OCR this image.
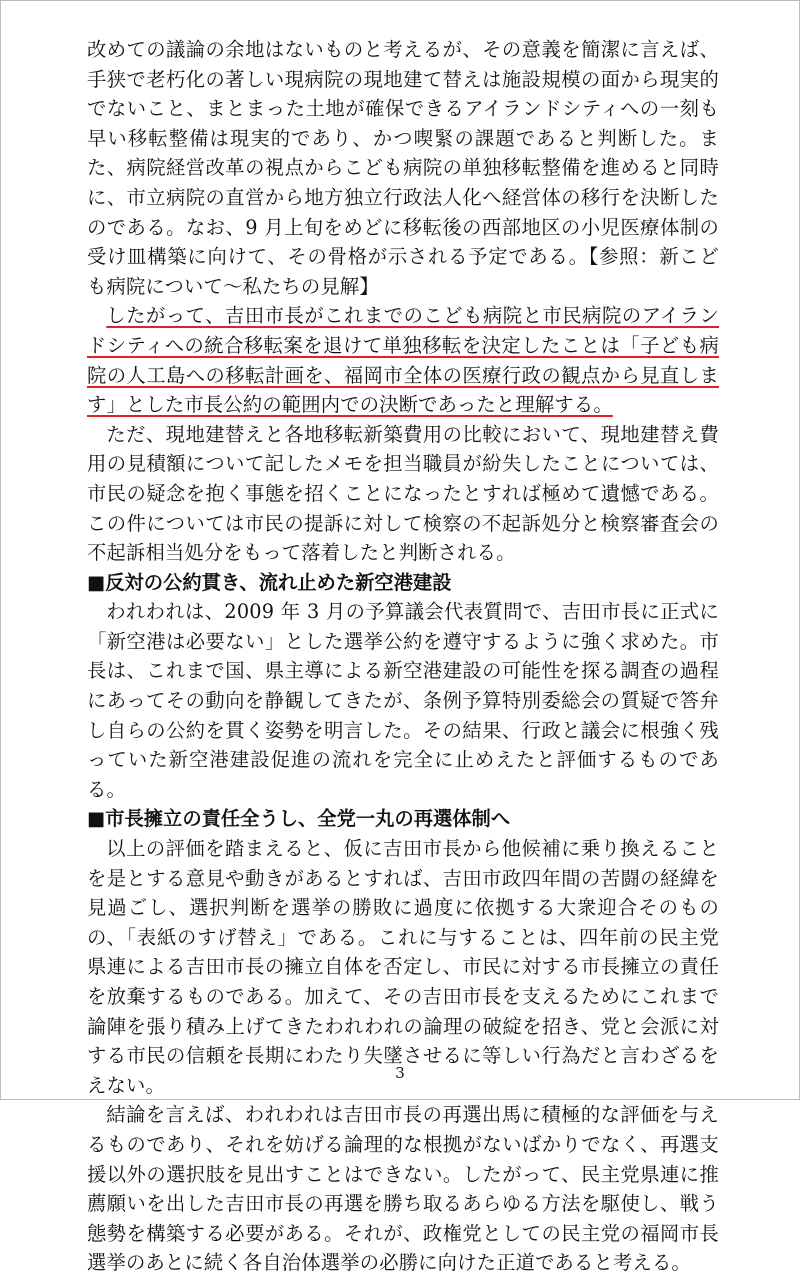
改めての議論の余地はないものと考えるが、その意義を簡潔に言えば、手狭で老朽化の著しい現病院の現地建て替えは施設規模の面から現実的でないこと、まとまった土地が確保できるアイランドシティへの一刻も早い移転整備は現実的であり、かつ喫緊の課題であると判断した。また、病院経営改革の視点からこども病院の単独移転整備を進めると同時に、市立病院の直営から地方独立行政法人化へ経営体の移行を決断したのである。なお、9 月上旬をめどに移転後の西部地区の小児医療体制の受け皿構築に向けて、その骨格が示される予定である。【参照：新こども病院について〜私たちの見解】

したがって、吉田市長がこれまでのこども病院と市民病院のアイランドシティへの統合移転案を退けて単独移転を決定したことは「子ども病院の人工島への移転計画を、福岡市全体の医療行政の観点から見直します」とした市長公約の範囲内での決断であったと理解する。

ただ、現地建替えと各地移転新築費用の比較において、現地建替え費用の見積額について記したメモを担当職員が紛失したことについては、市民の疑念を抱く事態を招くことになったとすれば極めて遺憾である。この件については市民の提訴に対して検察の不起訴処分と検察審査会の不起訴相当処分をもって落着したと判断される。

■反対の公約貫き、流れ止めた新空港建設

われわれは、2009 年 3 月の予算議会代表質問で、吉田市長に正式に「新空港は必要ない」とした選挙公約を遵守するように強く求めた。市長は、これまで国、県主導による新空港建設の可能性を探る調査の過程にあってその動向を静観してきたが、条例予算特別委総会の質疑で答弁し自らの公約を貫く姿勢を明言した。その結果、行政と議会に根強く残っていた新空港建設促進の流れを完全に止めえたと評価するものである。

■市長擁立の責任全うし、全党一丸の再選体制へ

以上の評価を踏まえると、仮に吉田市長から他候補に乗り換えることを是とする意見や動きがあるとすれば、吉田市政四年間の苦闘の経緯を見過ごし、選択判断を選挙の勝敗に過度に依拠する大衆迎合そのものの、「表紙のすげ替え」である。これに与することは、四年前の民主党県連による吉田市長の擁立自体を否定し、市民に対する市長擁立の責任を放棄するものである。加えて、その吉田市長を支えるためにこれまで論陣を張り積み上げてきたわれわれの論理の破綻を招き、党と会派に対する市民の信頼を長期にわたり失墜させるに等しい行為だと言わざるをえない。

結論を言えば、われわれは吉田市長の再選出馬に積極的な評価を与えるものであり、それを妨げる論理的な根拠がないばかりでなく、再選支援以外の選択肢を見出すことはできない。したがって、民主党県連に推薦願いを出した吉田市長の再選を勝ち取るあらゆる方法を駆使し、戦う態勢を構築する必要がある。それが、政権党としての民主党の福岡市長選挙のあとに続く各自治体選挙の必勝に向けた正道であると考える。

3
